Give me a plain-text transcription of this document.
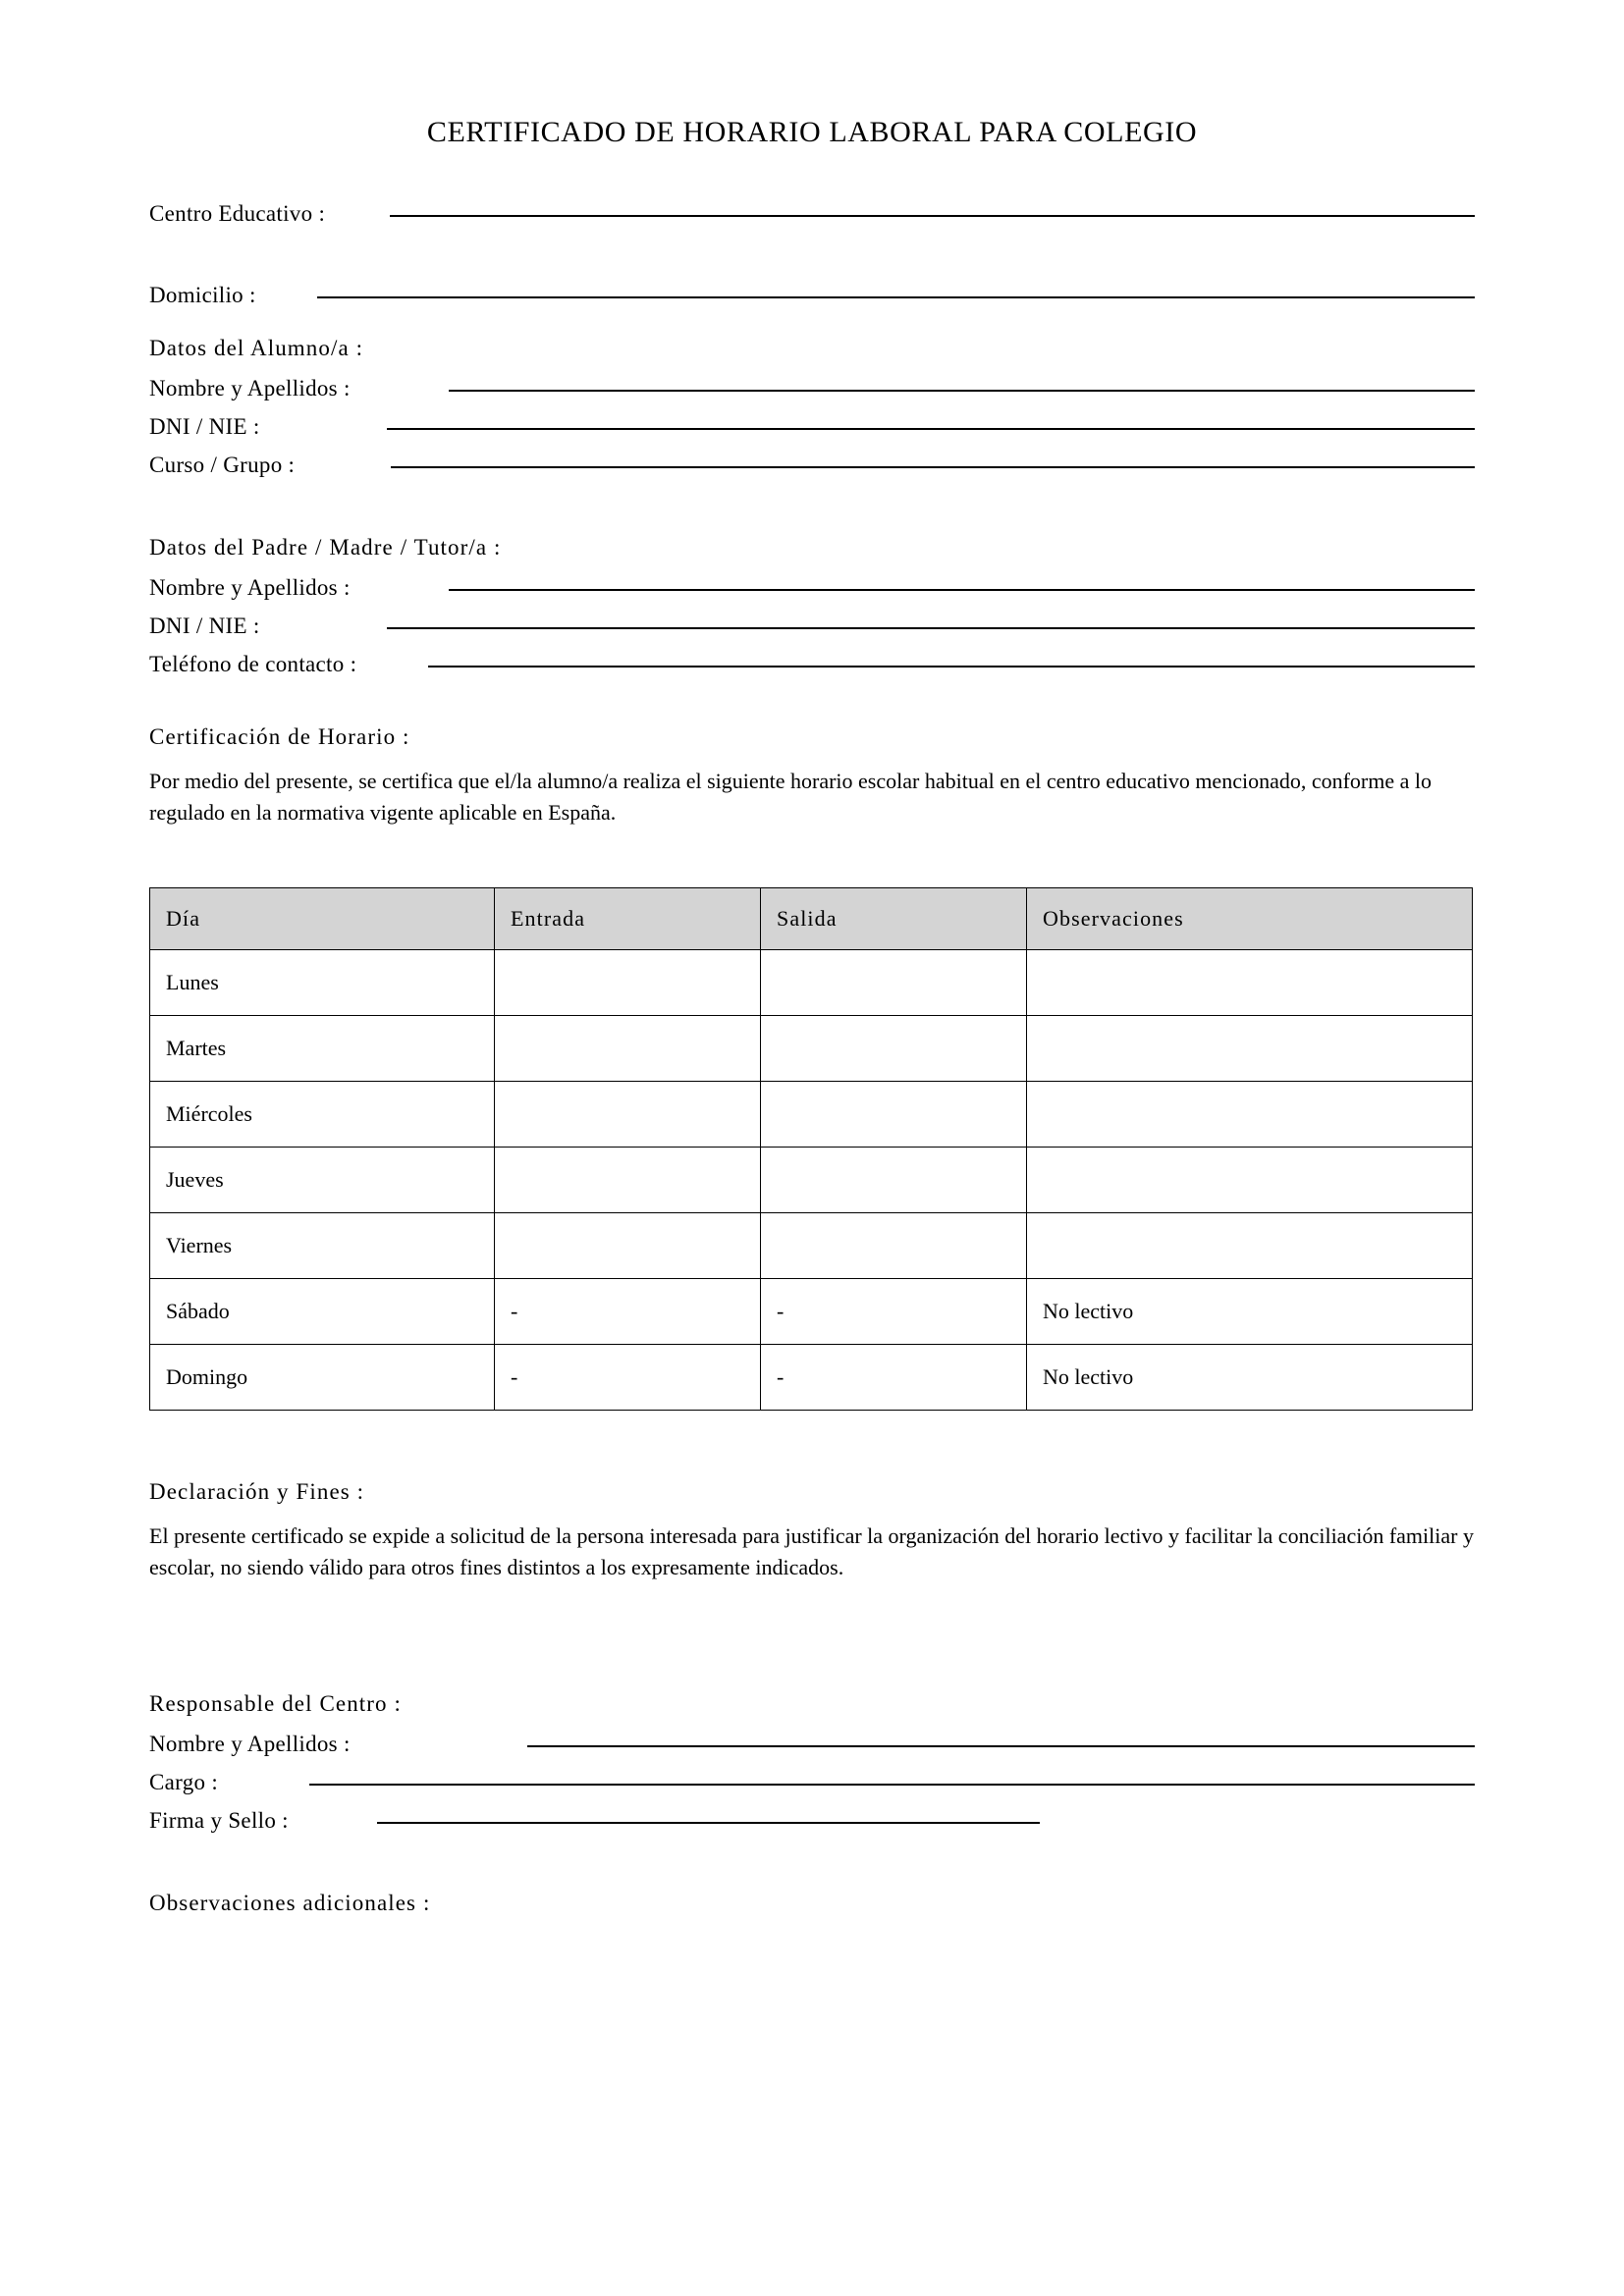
CERTIFICADO DE HORARIO LABORAL PARA COLEGIO
Centro Educativo :
Domicilio :
Datos del Alumno/a :
Nombre y Apellidos :
DNI / NIE :
Curso / Grupo :
Datos del Padre / Madre / Tutor/a :
Nombre y Apellidos :
DNI / NIE :
Teléfono de contacto :
Certificación de Horario :

Por medio del presente, se certifica que el/la alumno/a realiza el siguiente horario escolar habitual en el centro educativo mencionado, conforme a lo regulado en la normativa vigente aplicable en España.

Día	Entrada	Salida	Observaciones
Lunes			
Martes			
Miércoles			
Jueves			
Viernes			
Sábado	-	-	No lectivo
Domingo	-	-	No lectivo
Declaración y Fines :

El presente certificado se expide a solicitud de la persona interesada para justificar la organización del horario lectivo y facilitar la conciliación familiar y escolar, no siendo válido para otros fines distintos a los expresamente indicados.

Responsable del Centro :
Nombre y Apellidos :
Cargo :
Firma y Sello :
Observaciones adicionales :
